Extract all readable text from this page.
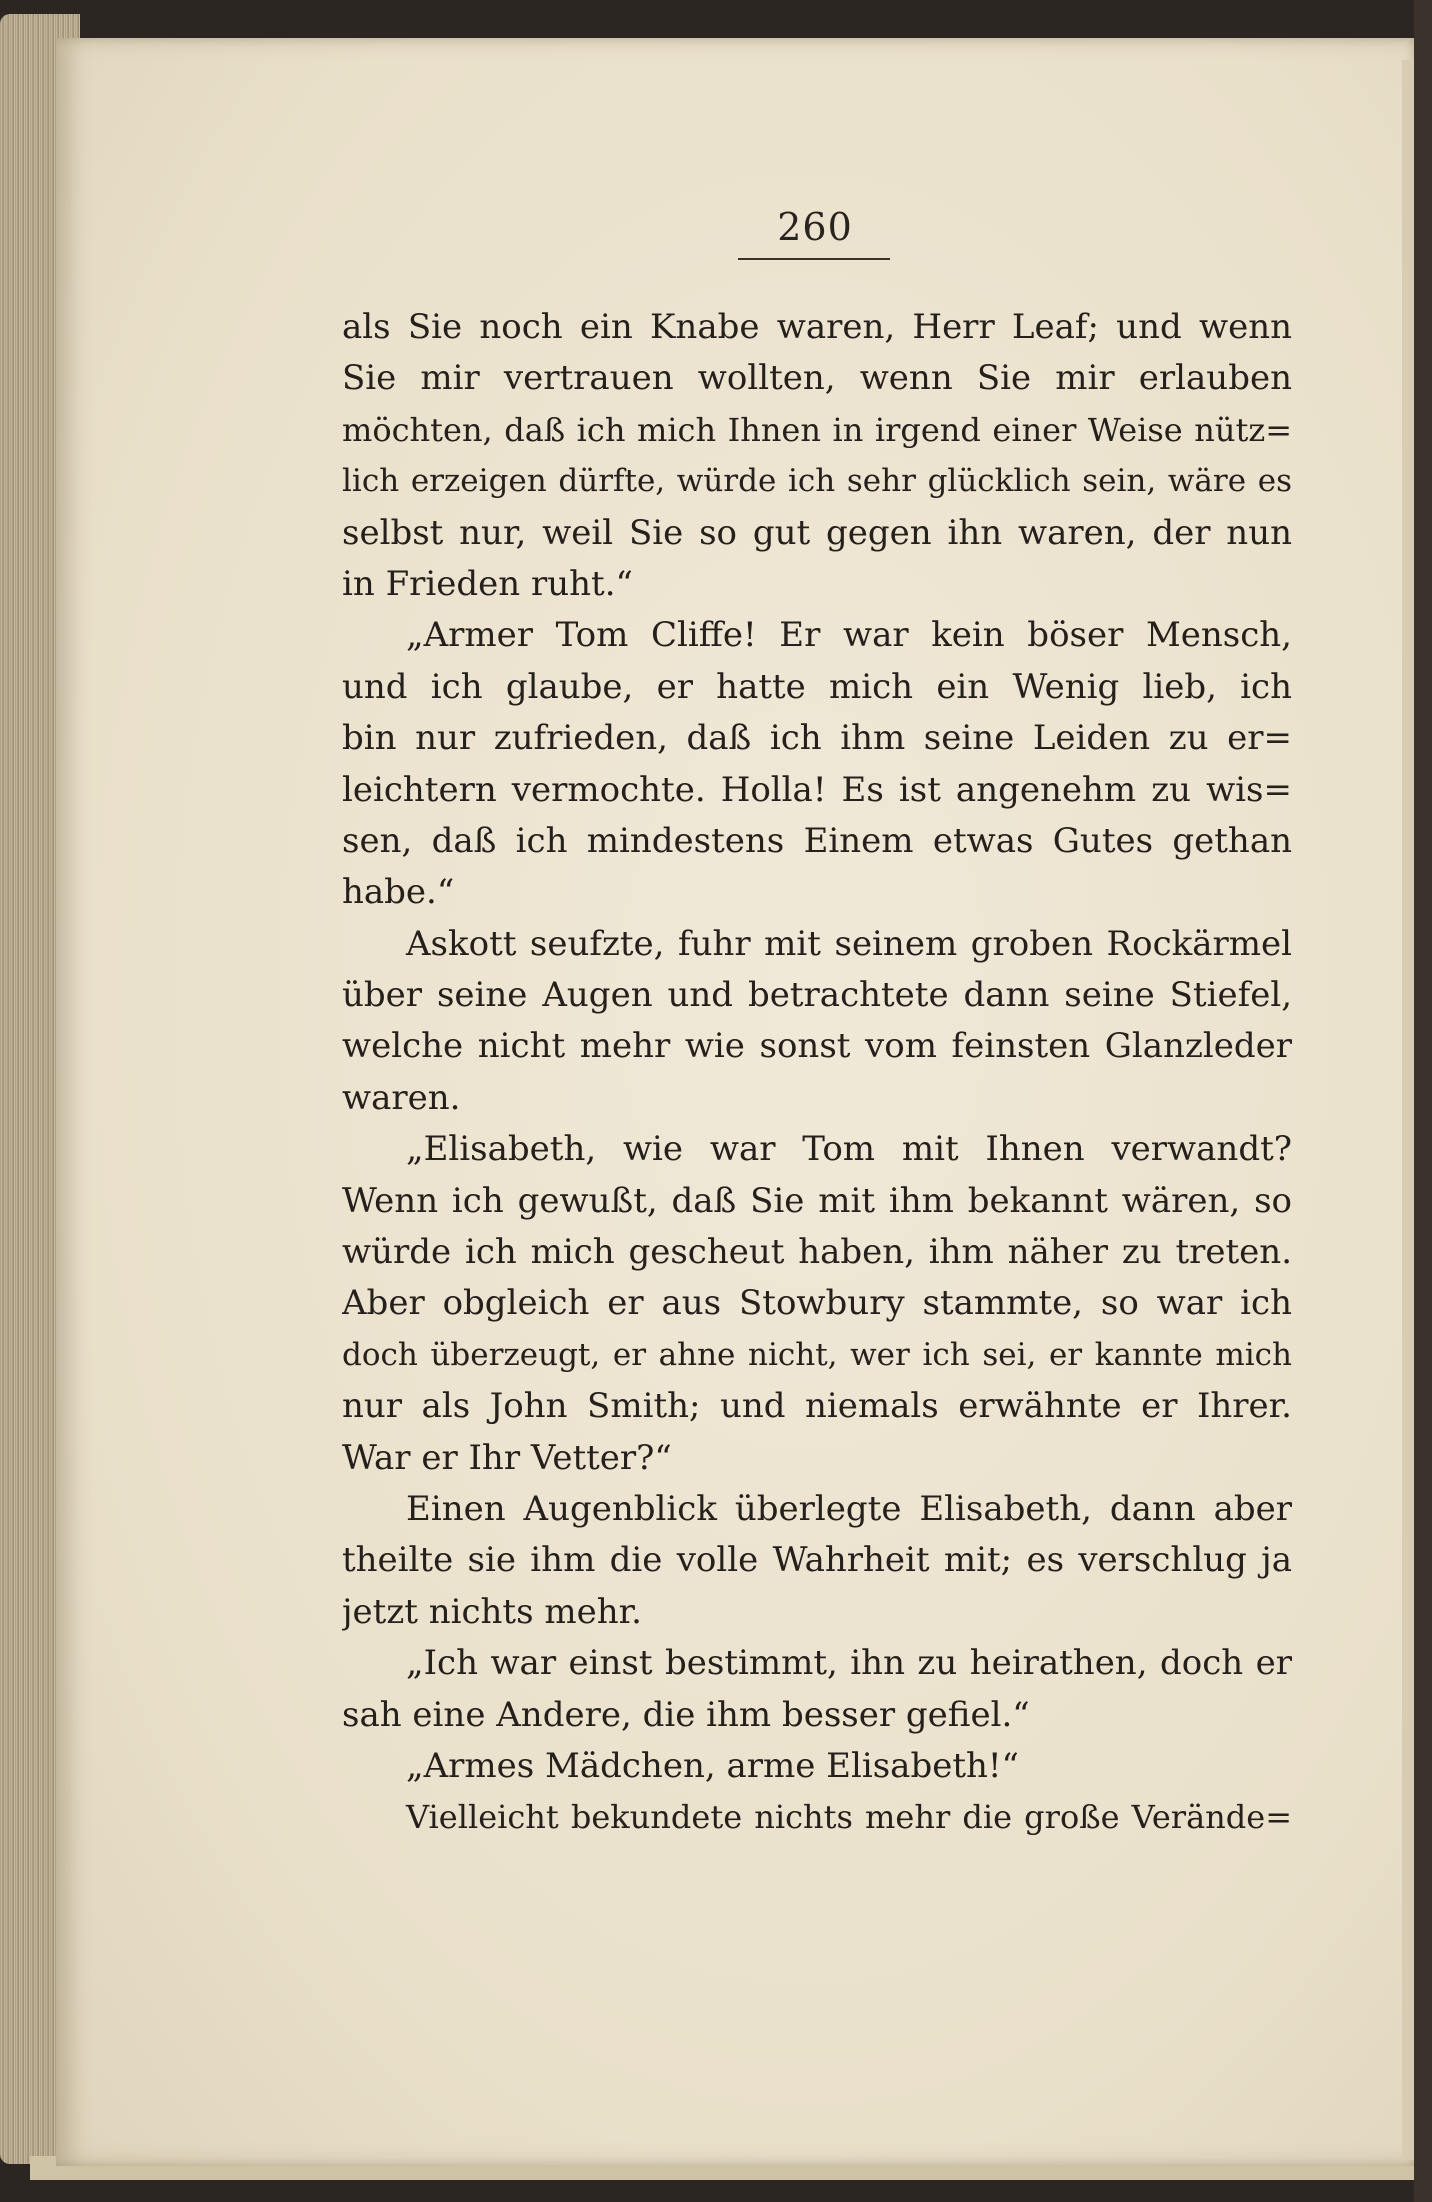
260
als Sie noch ein Knabe waren, Herr Leaf; und wenn
Sie mir vertrauen wollten, wenn Sie mir erlauben
möchten, daß ich mich Ihnen in irgend einer Weise nütz=
lich erzeigen dürfte, würde ich sehr glücklich sein, wäre es
selbst nur, weil Sie so gut gegen ihn waren, der nun
in Frieden ruht.“
„Armer Tom Cliffe! Er war kein böser Mensch,
und ich glaube, er hatte mich ein Wenig lieb, ich
bin nur zufrieden, daß ich ihm seine Leiden zu er=
leichtern vermochte. Holla! Es ist angenehm zu wis=
sen, daß ich mindestens Einem etwas Gutes gethan
habe.“
Askott seufzte, fuhr mit seinem groben Rockärmel
über seine Augen und betrachtete dann seine Stiefel,
welche nicht mehr wie sonst vom feinsten Glanzleder
waren.
„Elisabeth, wie war Tom mit Ihnen verwandt?
Wenn ich gewußt, daß Sie mit ihm bekannt wären, so
würde ich mich gescheut haben, ihm näher zu treten.
Aber obgleich er aus Stowbury stammte, so war ich
doch überzeugt, er ahne nicht, wer ich sei, er kannte mich
nur als John Smith; und niemals erwähnte er Ihrer.
War er Ihr Vetter?“
Einen Augenblick überlegte Elisabeth, dann aber
theilte sie ihm die volle Wahrheit mit; es verschlug ja
jetzt nichts mehr.
„Ich war einst bestimmt, ihn zu heirathen, doch er
sah eine Andere, die ihm besser gefiel.“
„Armes Mädchen, arme Elisabeth!“
Vielleicht bekundete nichts mehr die große Verände=
